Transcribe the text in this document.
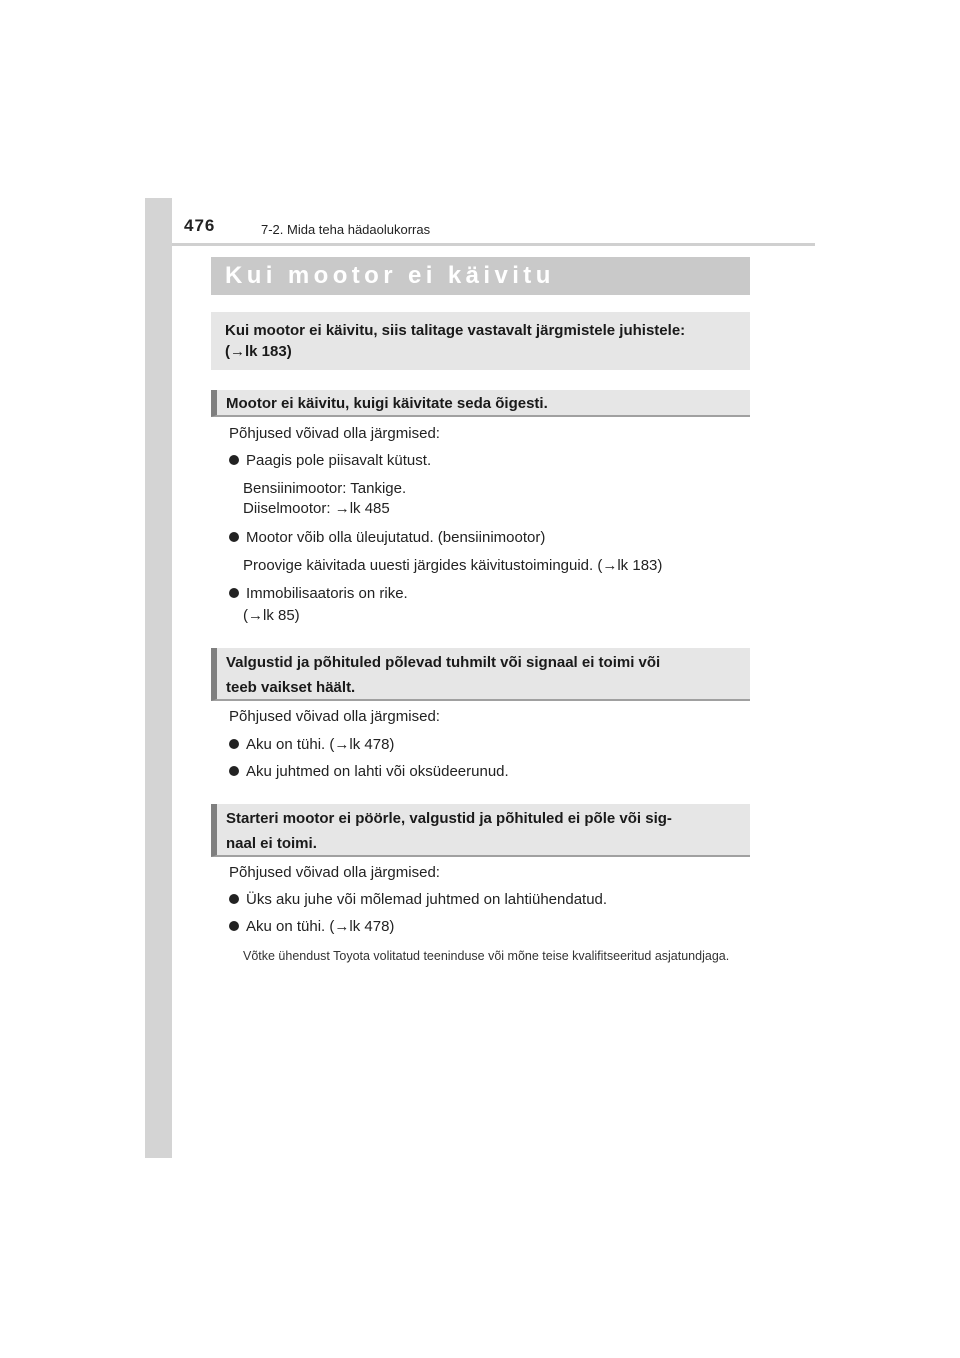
476	7-2. Mida teha hädaolukorras
Kui mootor ei käivitu
Kui mootor ei käivitu, siis talitage vastavalt järgmistele juhistele:
(→lk 183)
Mootor ei käivitu, kuigi käivitate seda õigesti.
Põhjused võivad olla järgmised:
Paagis pole piisavalt kütust.
Bensiinimootor: Tankige.
Diiselmootor: →lk 485
Mootor võib olla üleujutatud. (bensiinimootor)
Proovige käivitada uuesti järgides käivitustoiminguid. (→lk 183)
Immobilisaatoris on rike.
(→lk 85)
Valgustid ja põhituled põlevad tuhmilt või signaal ei toimi või
teeb vaikset häält.
Põhjused võivad olla järgmised:
Aku on tühi. (→lk 478)
Aku juhtmed on lahti või oksüdeerunud.
Starteri mootor ei pöörle, valgustid ja põhituled ei põle või sig-
naal ei toimi.
Põhjused võivad olla järgmised:
Üks aku juhe või mõlemad juhtmed on lahtiühendatud.
Aku on tühi. (→lk 478)
Võtke ühendust Toyota volitatud teeninduse või mõne teise kvalifitseeritud asjatundjaga.
